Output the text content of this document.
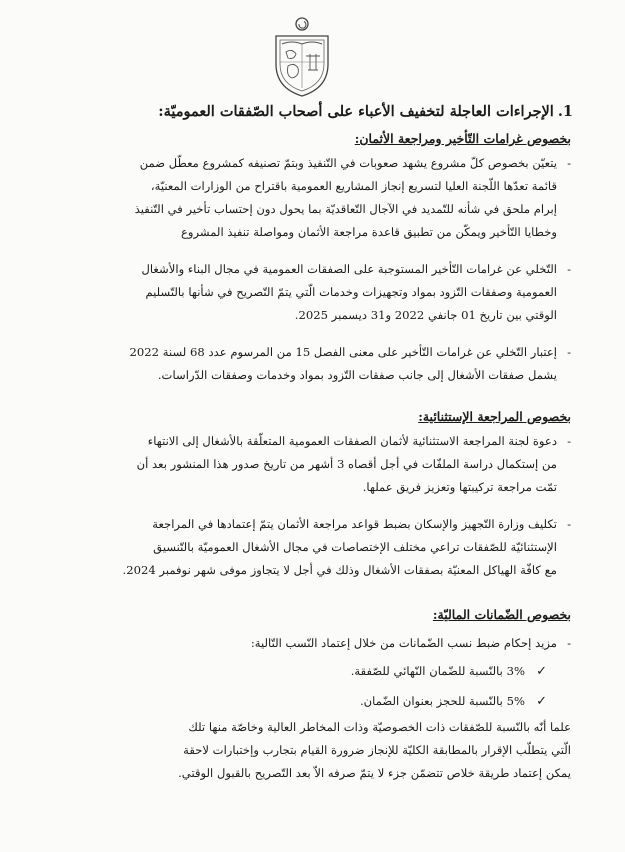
1.الإجراءات العاجلة لتخفيف الأعباء على أصحاب الصّفقات العموميّة:
بخصوص غرامات التّأخير ومراجعة الأثمان:
-يتعيّن بخصوص كلّ مشروع يشهد صعوبات في التّنفيذ وبتمّ تصنيفه كمشروع معطّل ضمن
قائمة تعدّها اللّجنة العليا لتسريع إنجاز المشاريع العمومية باقتراح من الوزارات المعنيّة،
إبرام ملحق في شأنه للتّمديد في الآجال التّعاقديّة بما يحول دون إحتساب تأخير في التّنفيذ
وخطايا التّأخير ويمكّن من تطبيق قاعدة مراجعة الأثمان ومواصلة تنفيذ المشروع
-التّخلي عن غرامات التّأخير المستوجبة على الصفقات العمومية في مجال البناء والأشغال
العمومية وصفقات التّزود بمواد وتجهيزات وخدمات الّتي يتمّ التّصريح في شأنها بالتّسليم
الوقتي بين تاريخ 01 جانفي 2022 و31 ديسمبر 2025.
-إعتبار التّخلي عن غرامات التّأخير على معنى الفصل 15 من المرسوم عدد 68 لسنة 2022
يشمل صفقات الأشغال إلى جانب صفقات التّزود بمواد وخدمات وصفقات الدّراسات.
بخصوص المراجعة الإستثنائية:
-دعوة لجنة المراجعة الاستثنائية لأثمان الصفقات العمومية المتعلّقة بالأشغال إلى الانتهاء
من إستكمال دراسة الملفّات في أجل أقصاه 3 أشهر من تاريخ صدور هذا المنشور بعد أن
تمّت مراجعة تركيبتها وتعزيز فريق عملها.
-تكليف وزارة التّجهيز والإسكان بضبط قواعد مراجعة الأثمان يتمّ إعتمادها في المراجعة
الإستثنائيّة للصّفقات تراعي مختلف الإختصاصات في مجال الأشغال العموميّة بالتّنسيق
مع كافّة الهياكل المعنيّة بصفقات الأشغال وذلك في أجل لا يتجاوز موفى شهر نوفمبر 2024.
بخصوص الضّمانات الماليّة:
-مزيد إحكام ضبط نسب الضّمانات من خلال إعتماد النّسب التّالية:
✓3% بالنّسبة للضّمان النّهائي للصّفقة.
✓5% بالنّسبة للحجز بعنوان الضّمان.
علما أنّه بالنّسبة للصّفقات ذات الخصوصيّة وذات المخاطر العالية وخاصّة منها تلك
الّتي يتطلّب الإقرار بالمطابقة الكليّة للإنجاز ضرورة القيام بتجارب وإختبارات لاحقة
يمكن إعتماد طريقة خلاص تتضمّن جزء لا يتمّ صرفه الاّ بعد التّصريح بالقبول الوقتي.
